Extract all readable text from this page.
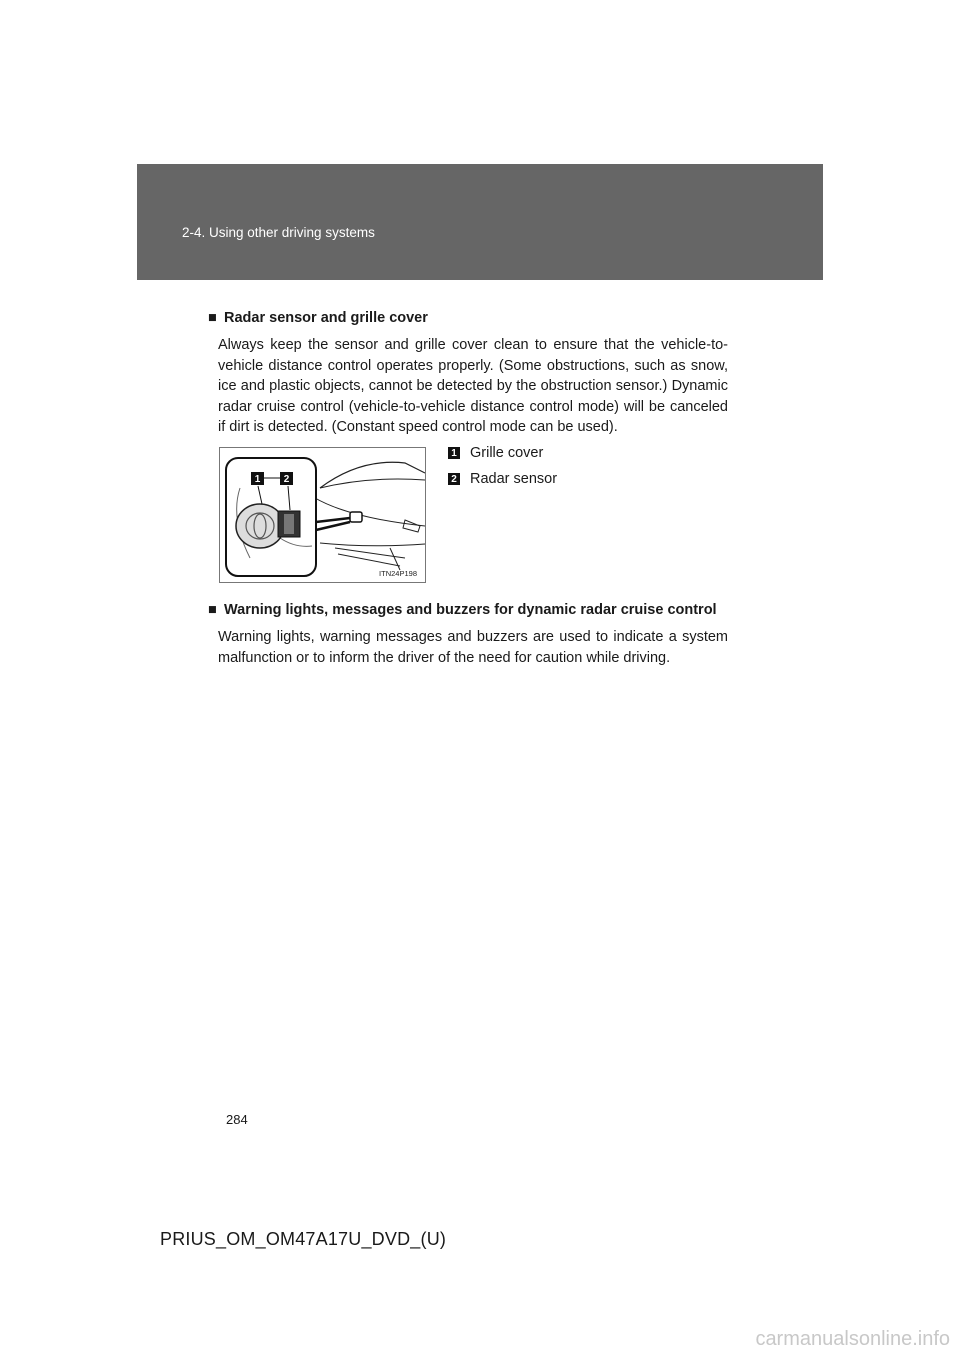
2-4. Using other driving systems

■ Radar sensor and grille cover

Always keep the sensor and grille cover clean to ensure that the vehicle-to-vehicle distance control operates properly. (Some obstructions, such as snow, ice and plastic objects, cannot be detected by the obstruction sensor.) Dynamic radar cruise control (vehicle-to-vehicle distance control mode) will be canceled if dirt is detected. (Constant speed control mode can be used).

1 2
ITN24P198
1 Grille cover
2 Radar sensor

■ Warning lights, messages and buzzers for dynamic radar cruise control

Warning lights, warning messages and buzzers are used to indicate a system malfunction or to inform the driver of the need for caution while driving.

284
PRIUS_OM_OM47A17U_DVD_(U)
carmanualsonline.info
